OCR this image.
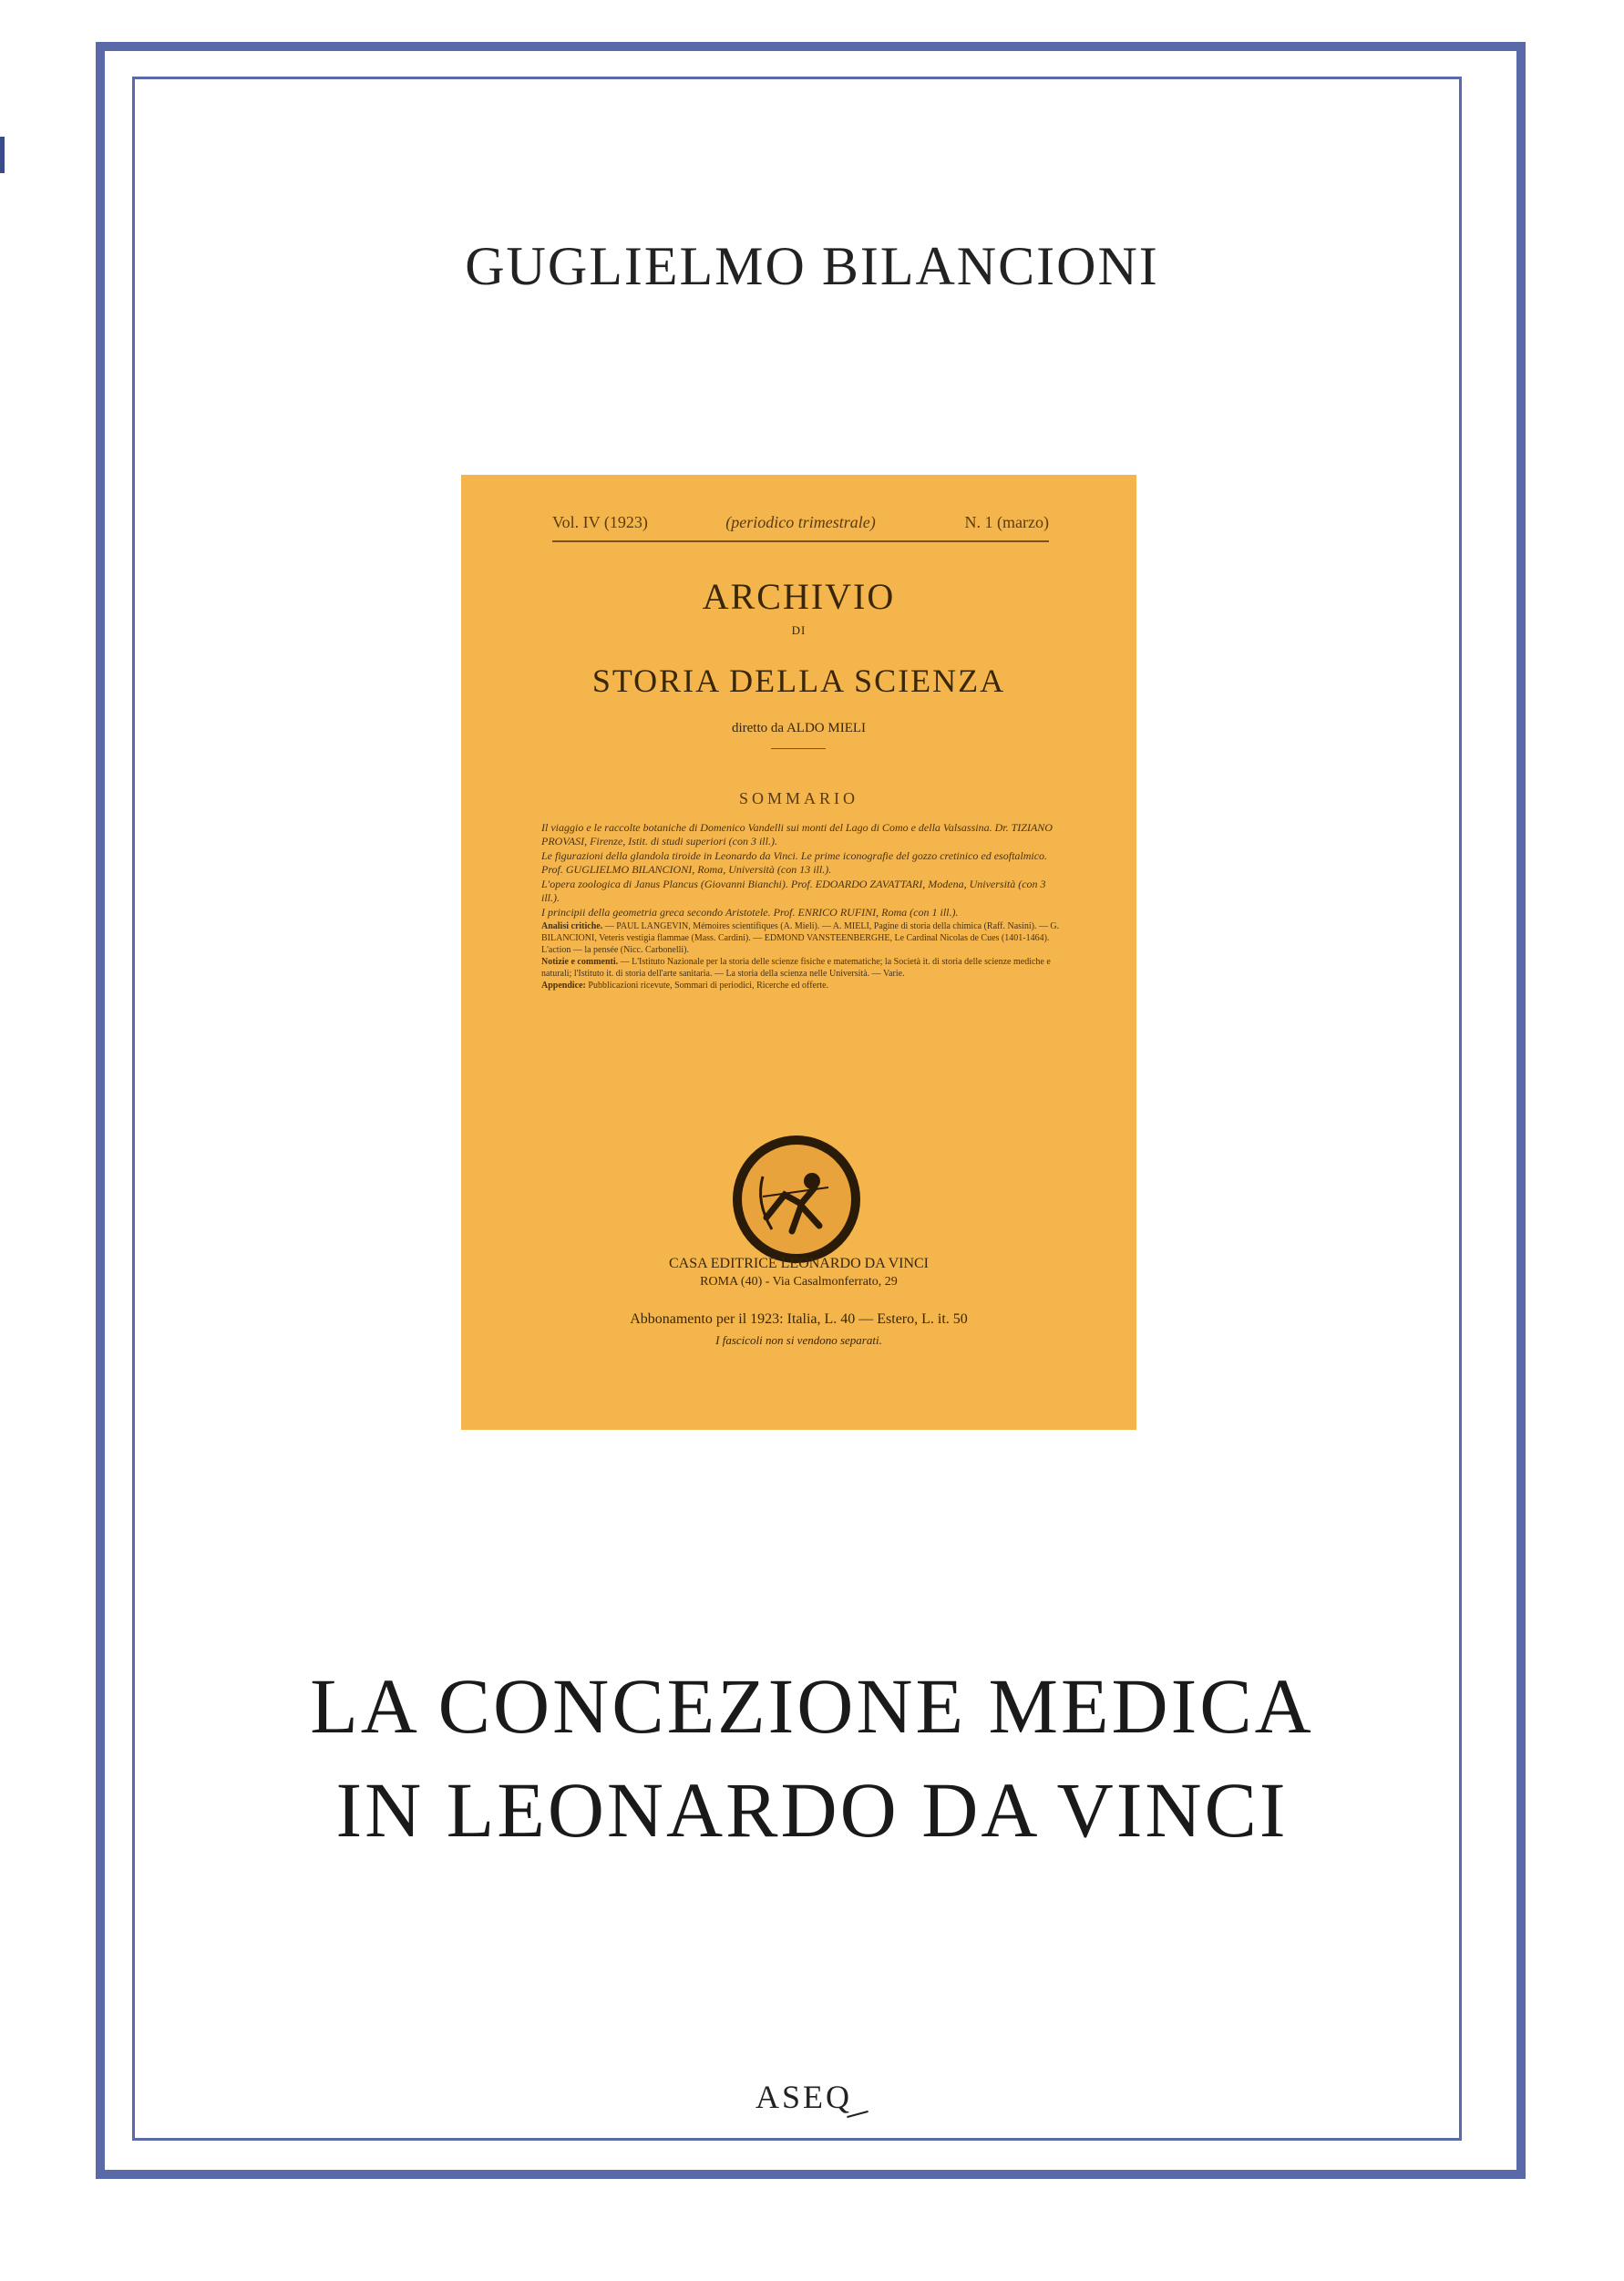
GUGLIELMO BILANCIONI
Vol. IV (1923)	(periodico trimestrale)	N. 1 (marzo)
ARCHIVIO
DI
STORIA DELLA SCIENZA
diretto da ALDO MIELI
SOMMARIO
Il viaggio e le raccolte botaniche di Domenico Vandelli sui monti del Lago di Como e della Valsassina. Dr. TIZIANO PROVASI, Firenze, Istit. di studi superiori (con 3 ill.).
Le figurazioni della glandola tiroide in Leonardo da Vinci. Le prime iconografie del gozzo cretinico ed esoftalmico. Prof. GUGLIELMO BILANCIONI, Roma, Università (con 13 ill.).
L'opera zoologica di Janus Plancus (Giovanni Bianchi). Prof. EDOARDO ZAVATTARI, Modena, Università (con 3 ill.).
I principii della geometria greca secondo Aristotele. Prof. ENRICO RUFINI, Roma (con 1 ill.).
Analisi critiche. — PAUL LANGEVIN, Mémoires scientifiques (A. Mieli). — A. MIELI, Pagine di storia della chimica (Raff. Nasini). — G. BILANCIONI, Veteris vestigia flammae (Mass. Cardini). — EDMOND VANSTEENBERGHE, Le Cardinal Nicolas de Cues (1401-1464). L'action — la pensée (Nicc. Carbonelli).
Notizie e commenti. — L'Istituto Nazionale per la storia delle scienze fisiche e matematiche; la Società it. di storia delle scienze mediche e naturali; l'Istituto it. di storia dell'arte sanitaria. — La storia della scienza nelle Università. — Varie.
Appendice: Pubblicazioni ricevute, Sommari di periodici, Ricerche ed offerte.
CASA EDITRICE LEONARDO DA VINCI
ROMA (40) - Via Casalmonferrato, 29
Abbonamento per il 1923: Italia, L. 40 — Estero, L. it. 50
I fascicoli non si vendono separati.
LA CONCEZIONE MEDICA
IN LEONARDO DA VINCI
ASEQ
